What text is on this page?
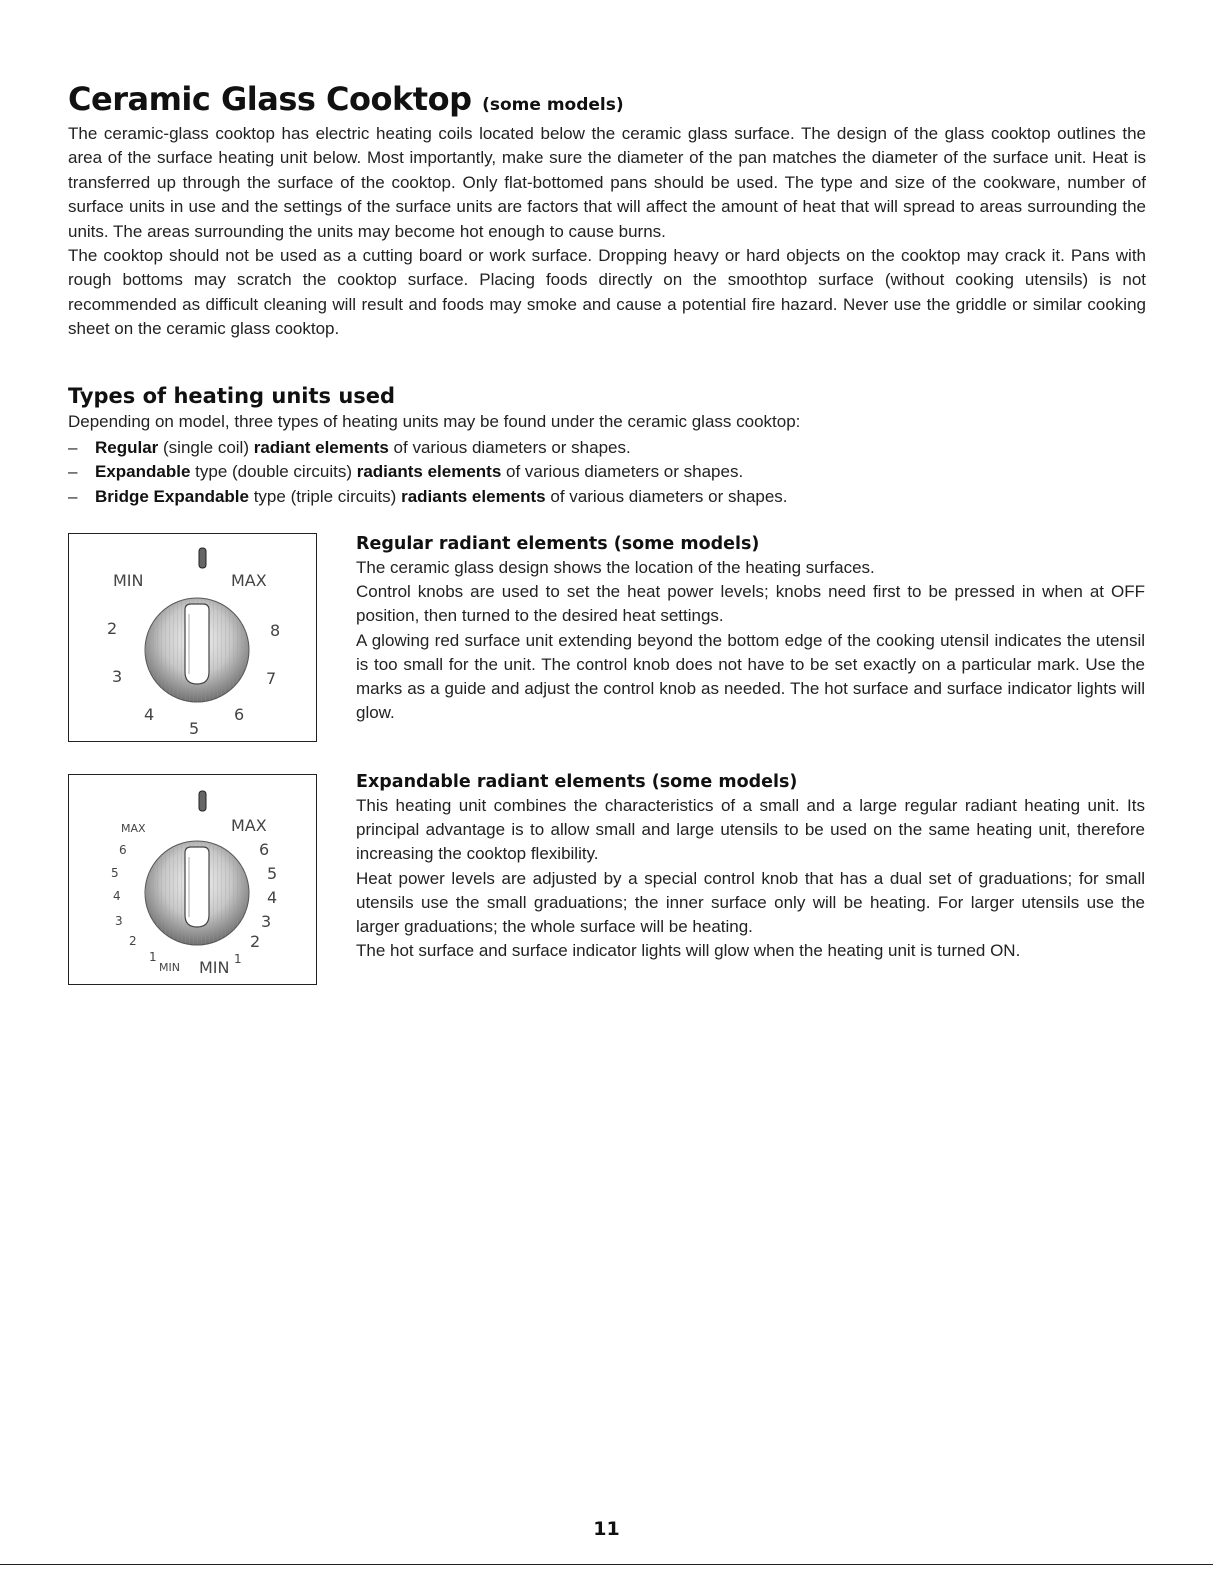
Ceramic Glass Cooktop (some models)

The ceramic-glass cooktop has electric heating coils located below the ceramic glass surface. The design of the glass cooktop outlines the area of the surface heating unit below. Most importantly, make sure the diameter of the pan matches the diameter of the surface unit. Heat is transferred up through the surface of the cooktop. Only flat-bottomed pans should be used. The type and size of the cookware, number of surface units in use and the settings of the surface units are factors that will affect the amount of heat that will spread to areas surrounding the units. The areas surrounding the units may become hot enough to cause burns.

The cooktop should not be used as a cutting board or work surface. Dropping heavy or hard objects on the cooktop may crack it. Pans with rough bottoms may scratch the cooktop surface. Placing foods directly on the smoothtop surface (without cooking utensils) is not recommended as difficult cleaning will result and foods may smoke and cause a potential fire hazard. Never use the griddle or similar cooking sheet on the ceramic glass cooktop.

Types of heating units used

Depending on model, three types of heating units may be found under the ceramic glass cooktop:

– Regular (single coil) radiant elements of various diameters or shapes.
– Expandable type (double circuits) radiants elements of various diameters or shapes.
– Bridge Expandable type (triple circuits) radiants elements of various diameters or shapes.
MIN	MAX
2
3
4
5
8
7
6
Regular radiant elements (some models)

The ceramic glass design shows the location of the heating surfaces.

Control knobs are used to set the heat power levels; knobs need first to be pressed in when at OFF position, then turned to the desired heat settings.

A glowing red surface unit extending beyond the bottom edge of the cooking utensil indicates the utensil is too small for the unit. The control knob does not have to be set exactly on a particular mark. Use the marks as a guide and adjust the control knob as needed. The hot surface and surface indicator lights will glow.

MAX	MAX
6
5
4
3
2
1
MIN MIN
6
5
4
3
2
1
Expandable radiant elements (some models)

This heating unit combines the characteristics of a small and a large regular radiant heating unit. Its principal advantage is to allow small and large utensils to be used on the same heating unit, therefore increasing the cooktop flexibility.

Heat power levels are adjusted by a special control knob that has a dual set of graduations; for small utensils use the small graduations; the inner surface only will be heating. For larger utensils use the larger graduations; the whole surface will be heating.

The hot surface and surface indicator lights will glow when the heating unit is turned ON.

11
